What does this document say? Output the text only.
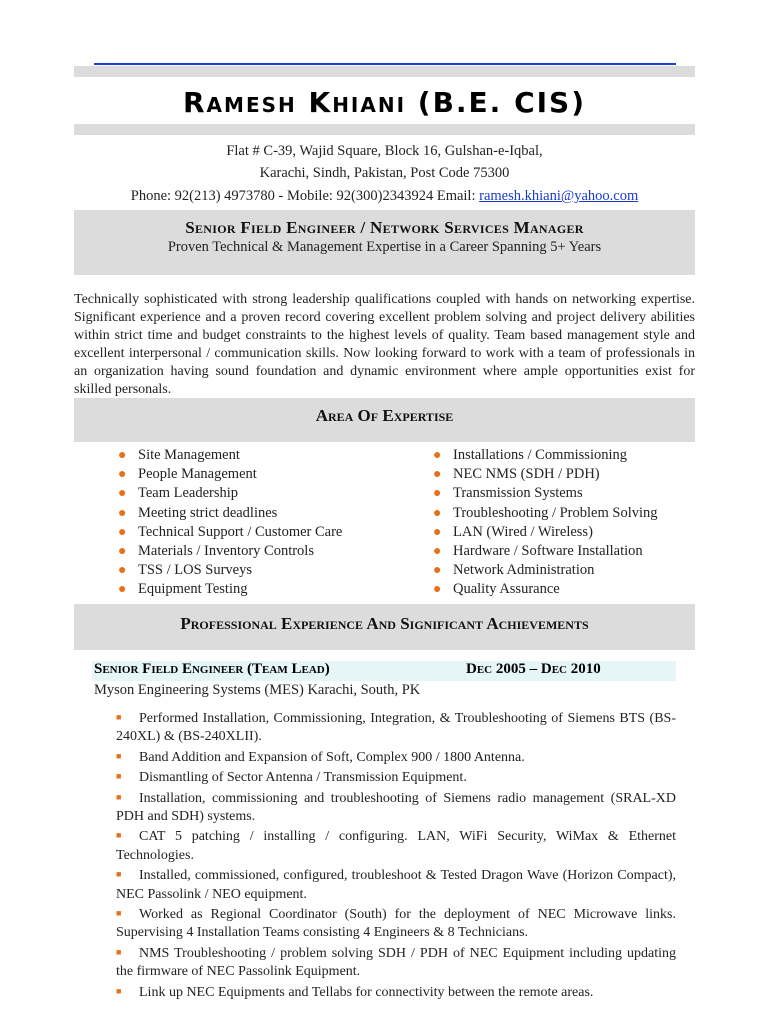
Ramesh Khiani (B.E. CIS)
Flat # C-39, Wajid Square, Block 16, Gulshan-e-Iqbal,
Karachi, Sindh, Pakistan, Post Code 75300
Phone: 92(213) 4973780 - Mobile: 92(300)2343924 Email: ramesh.khiani@yahoo.com
Senior Field Engineer / Network Services Manager
Proven Technical & Management Expertise in a Career Spanning 5+ Years
Technically sophisticated with strong leadership qualifications coupled with hands on networking expertise. Significant experience and a proven record covering excellent problem solving and project delivery abilities within strict time and budget constraints to the highest levels of quality. Team based management style and excellent interpersonal / communication skills. Now looking forward to work with a team of professionals in an organization having sound foundation and dynamic environment where ample opportunities exist for skilled personals.
Area Of Expertise
● Site Management
● People Management
● Team Leadership
● Meeting strict deadlines
● Technical Support / Customer Care
● Materials / Inventory Controls
● TSS / LOS Surveys
● Equipment Testing
● Installations / Commissioning
● NEC NMS (SDH / PDH)
● Transmission Systems
● Troubleshooting / Problem Solving
● LAN (Wired / Wireless)
● Hardware / Software Installation
● Network Administration
● Quality Assurance
Professional Experience And Significant Achievements
Senior Field Engineer (Team Lead)	Dec 2005 – Dec 2010
Myson Engineering Systems (MES) Karachi, South, PK
■ Performed Installation, Commissioning, Integration, & Troubleshooting of Siemens BTS (BS-240XL) & (BS-240XLII).
■ Band Addition and Expansion of Soft, Complex 900 / 1800 Antenna.
■ Dismantling of Sector Antenna / Transmission Equipment.
■ Installation, commissioning and troubleshooting of Siemens radio management (SRAL-XD PDH and SDH) systems.
■ CAT 5 patching / installing / configuring. LAN, WiFi Security, WiMax & Ethernet Technologies.
■ Installed, commissioned, configured, troubleshoot & Tested Dragon Wave (Horizon Compact), NEC Passolink / NEO equipment.
■ Worked as Regional Coordinator (South) for the deployment of NEC Microwave links. Supervising 4 Installation Teams consisting 4 Engineers & 8 Technicians.
■ NMS Troubleshooting / problem solving SDH / PDH of NEC Equipment including updating the firmware of NEC Passolink Equipment.
■ Link up NEC Equipments and Tellabs for connectivity between the remote areas.
